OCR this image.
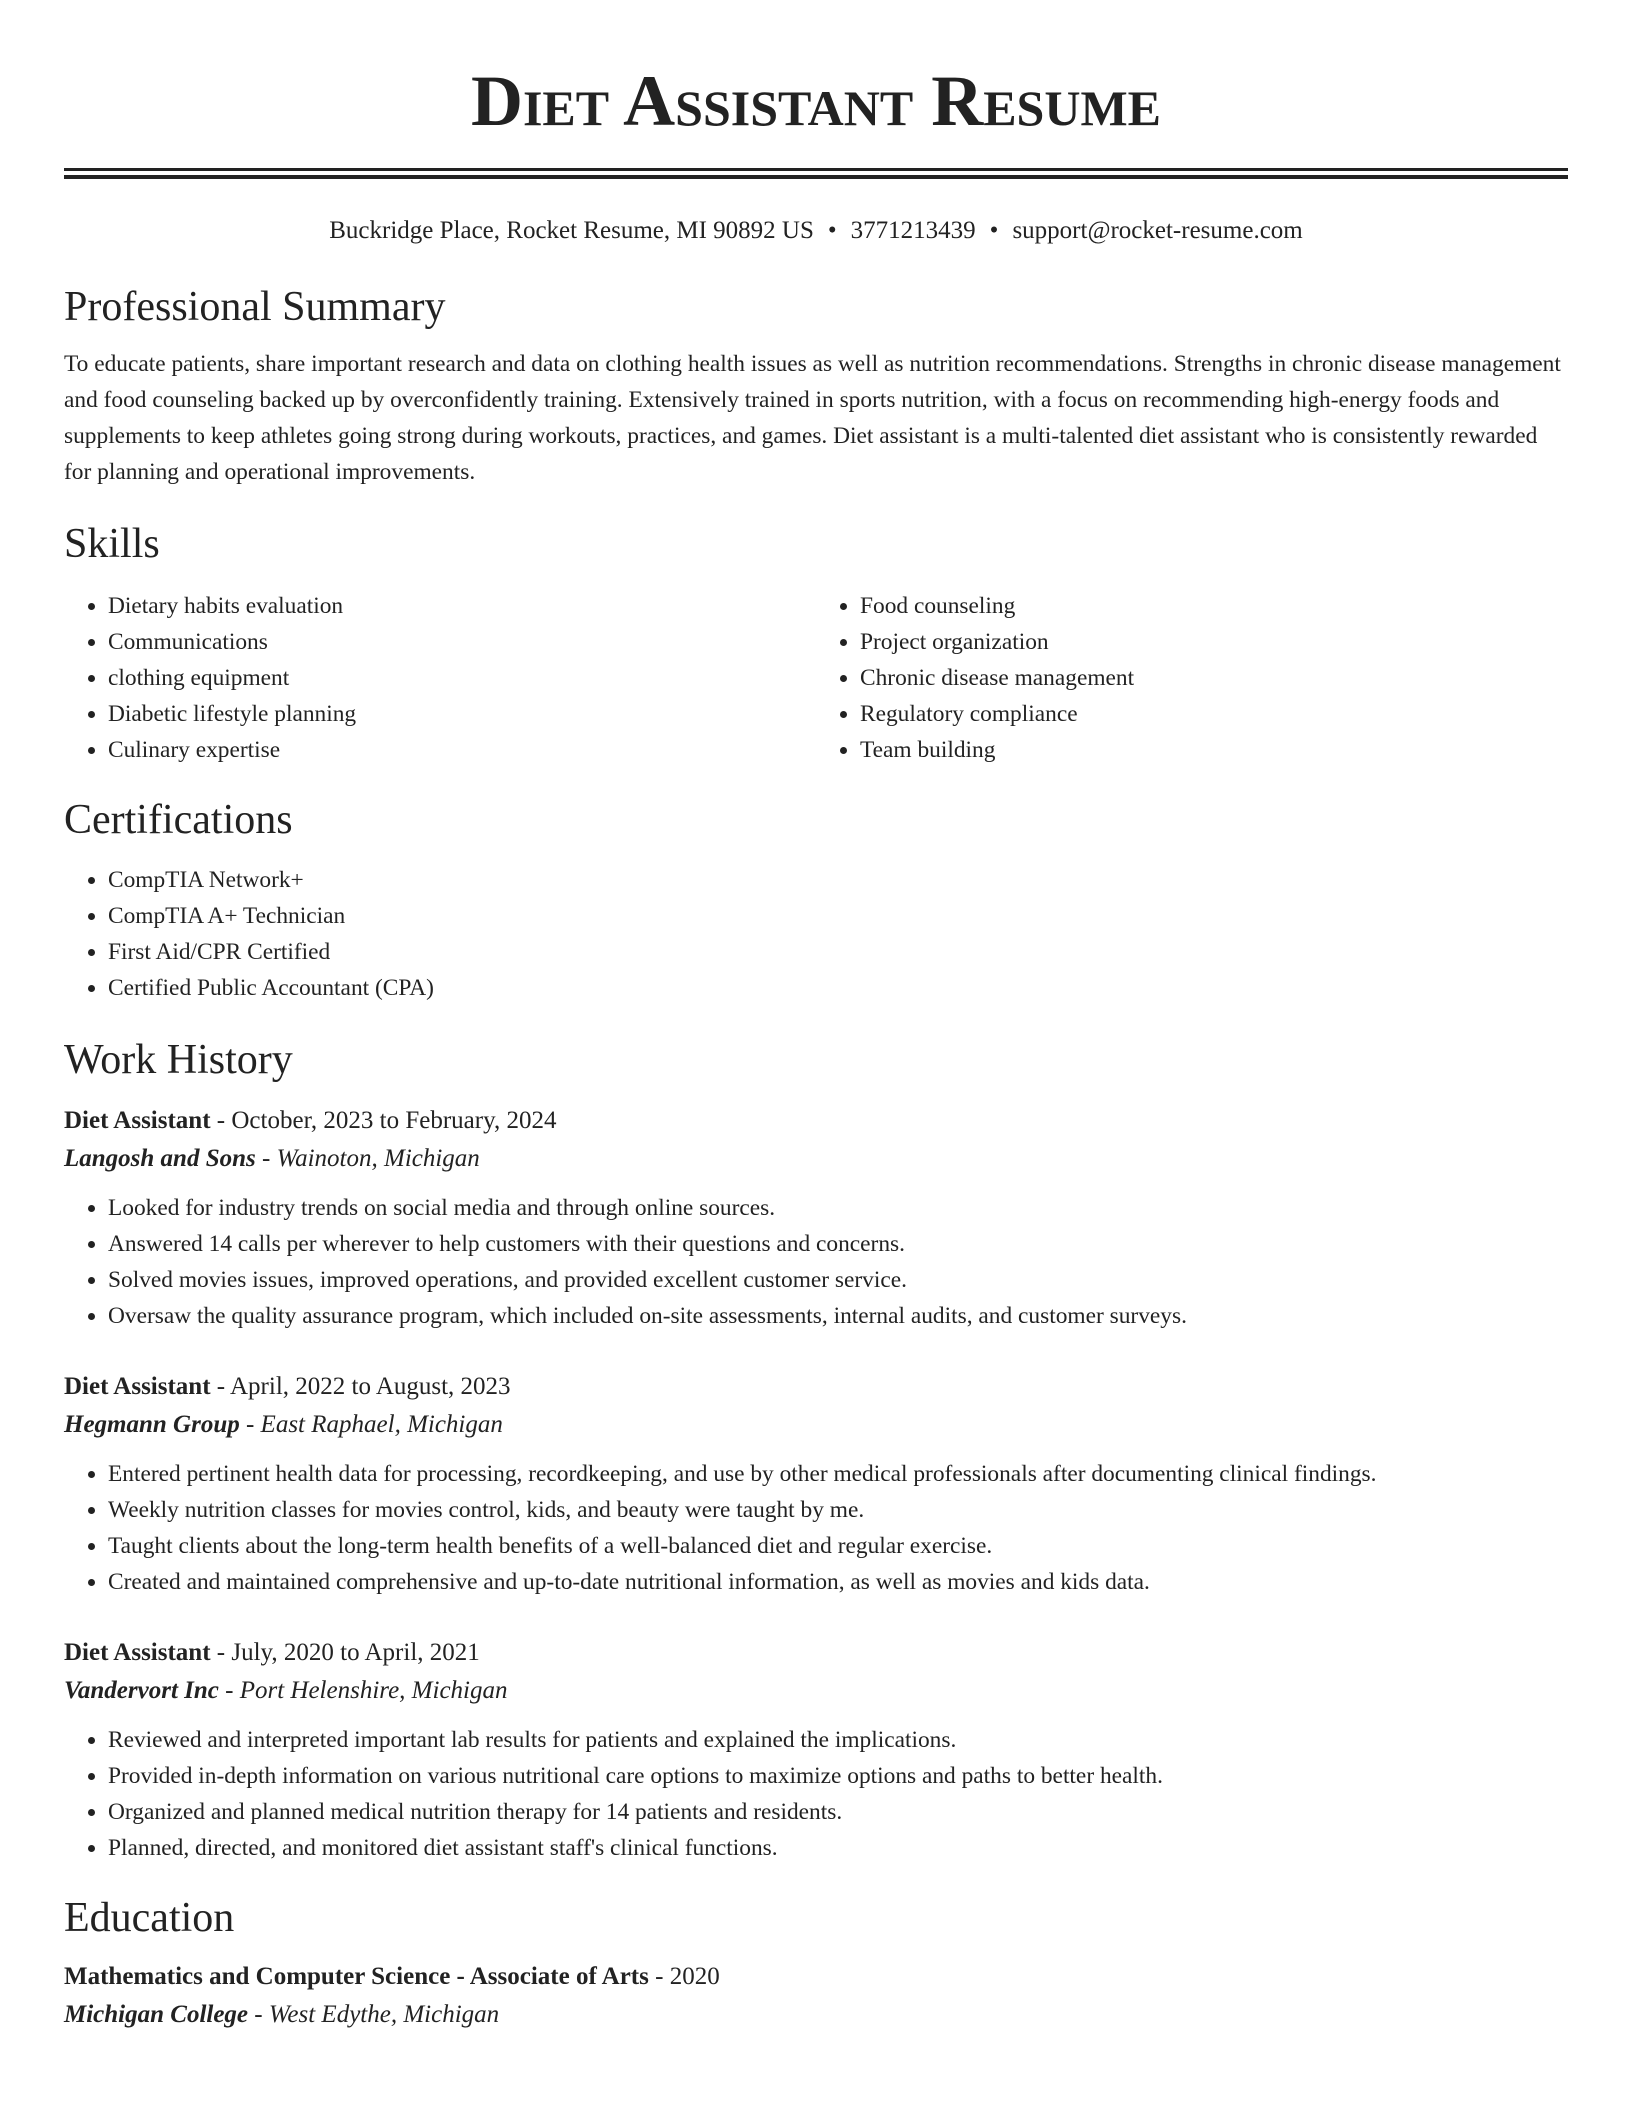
Diet Assistant Resume
Buckridge Place, Rocket Resume, MI 90892 US • 3771213439 • support@rocket-resume.com
Professional Summary

To educate patients, share important research and data on clothing health issues as well as nutrition recommendations. Strengths in chronic disease management and food counseling backed up by overconfidently training. Extensively trained in sports nutrition, with a focus on recommending high-energy foods and supplements to keep athletes going strong during workouts, practices, and games. Diet assistant is a multi-talented diet assistant who is consistently rewarded for planning and operational improvements.

Skills
• Dietary habits evaluation
• Communications
• clothing equipment
• Diabetic lifestyle planning
• Culinary expertise
• Food counseling
• Project organization
• Chronic disease management
• Regulatory compliance
• Team building
Certifications
• CompTIA Network+
• CompTIA A+ Technician
• First Aid/CPR Certified
• Certified Public Accountant (CPA)
Work History
Diet Assistant - October, 2023 to February, 2024
Langosh and Sons - Wainoton, Michigan
• Looked for industry trends on social media and through online sources.
• Answered 14 calls per wherever to help customers with their questions and concerns.
• Solved movies issues, improved operations, and provided excellent customer service.
• Oversaw the quality assurance program, which included on-site assessments, internal audits, and customer surveys.
Diet Assistant - April, 2022 to August, 2023
Hegmann Group - East Raphael, Michigan
• Entered pertinent health data for processing, recordkeeping, and use by other medical professionals after documenting clinical findings.
• Weekly nutrition classes for movies control, kids, and beauty were taught by me.
• Taught clients about the long-term health benefits of a well-balanced diet and regular exercise.
• Created and maintained comprehensive and up-to-date nutritional information, as well as movies and kids data.
Diet Assistant - July, 2020 to April, 2021
Vandervort Inc - Port Helenshire, Michigan
• Reviewed and interpreted important lab results for patients and explained the implications.
• Provided in-depth information on various nutritional care options to maximize options and paths to better health.
• Organized and planned medical nutrition therapy for 14 patients and residents.
• Planned, directed, and monitored diet assistant staff's clinical functions.
Education
Mathematics and Computer Science - Associate of Arts - 2020
Michigan College - West Edythe, Michigan
